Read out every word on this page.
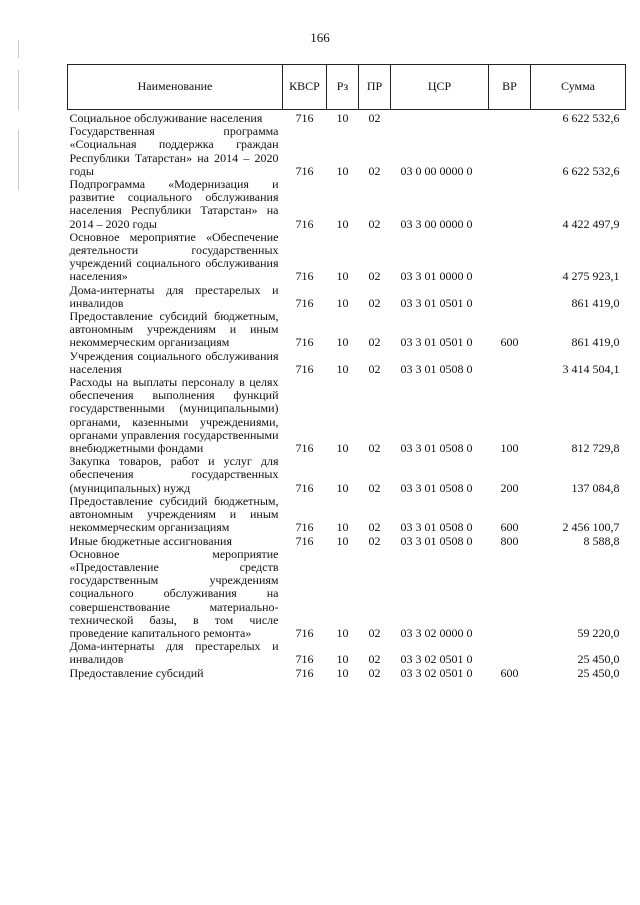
166
Наименование	КВСР	Рз	ПР	ЦСР	ВР	Сумма
Социальное обслуживание населения	716	10	02			6 622 532,6
Государственная программа «Социальная поддержка граждан Республики Татарстан» на 2014 – 2020 годы	716	10	02	03 0 00 0000 0		6 622 532,6
Подпрограмма «Модернизация и развитие социального обслуживания населения Республики Татарстан» на 2014 – 2020 годы	716	10	02	03 3 00 0000 0		4 422 497,9
Основное мероприятие «Обеспечение деятельности государственных учреждений социального обслуживания населения»	716	10	02	03 3 01 0000 0		4 275 923,1
Дома-интернаты для престарелых и инвалидов	716	10	02	03 3 01 0501 0		861 419,0
Предоставление субсидий бюджетным, автономным учреждениям и иным некоммерческим организациям	716	10	02	03 3 01 0501 0	600	861 419,0
Учреждения социального обслуживания населения	716	10	02	03 3 01 0508 0		3 414 504,1
Расходы на выплаты персоналу в целях обеспечения выполнения функций государственными (муниципальными) органами, казенными учреждениями, органами управления государственными внебюджетными фондами	716	10	02	03 3 01 0508 0	100	812 729,8
Закупка товаров, работ и услуг для обеспечения государственных (муниципальных) нужд	716	10	02	03 3 01 0508 0	200	137 084,8
Предоставление субсидий бюджетным, автономным учреждениям и иным некоммерческим организациям	716	10	02	03 3 01 0508 0	600	2 456 100,7
Иные бюджетные ассигнования	716	10	02	03 3 01 0508 0	800	8 588,8
Основное мероприятие «Предоставление средств государственным учреждениям социального обслуживания на совершенствование материально-технической базы, в том числе проведение капитального ремонта»	716	10	02	03 3 02 0000 0		59 220,0
Дома-интернаты для престарелых и инвалидов	716	10	02	03 3 02 0501 0		25 450,0
Предоставление субсидий	716	10	02	03 3 02 0501 0	600	25 450,0
